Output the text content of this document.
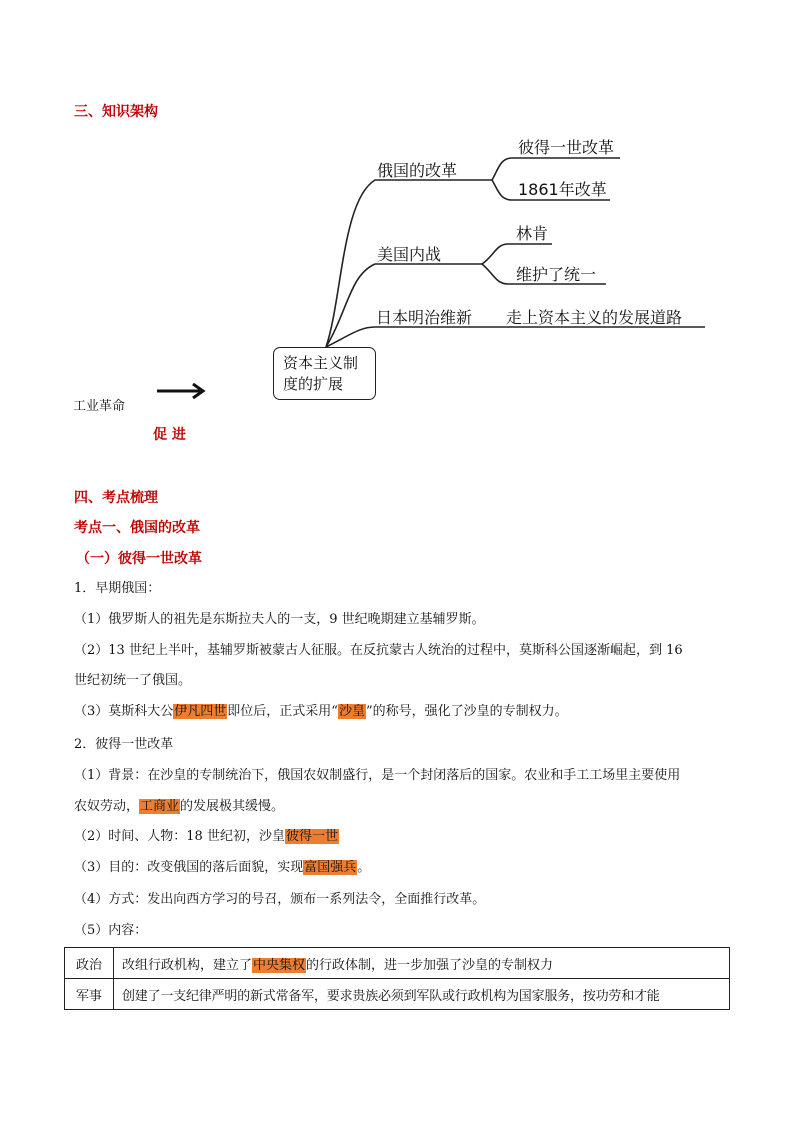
三、知识架构
俄国的改革
彼得一世改革
1861年改革
美国内战
林肯
维护了统一
日本明治维新 走上资本主义的发展道路
资本主义制
度的扩展
工业革命
促 进
四、考点梳理
考点一、俄国的改革
（一）彼得一世改革
1．早期俄国：
（1）俄罗斯人的祖先是东斯拉夫人的一支，9 世纪晚期建立基辅罗斯。
（2）13 世纪上半叶，基辅罗斯被蒙古人征服。在反抗蒙古人统治的过程中，莫斯科公国逐渐崛起，到 16
世纪初统一了俄国。
（3）莫斯科大公伊凡四世即位后，正式采用“沙皇”的称号，强化了沙皇的专制权力。
2．彼得一世改革
（1）背景：在沙皇的专制统治下，俄国农奴制盛行，是一个封闭落后的国家。农业和手工工场里主要使用
农奴劳动，工商业的发展极其缓慢。
（2）时间、人物：18 世纪初，沙皇彼得一世
（3）目的：改变俄国的落后面貌，实现富国强兵。
（4）方式：发出向西方学习的号召，颁布一系列法令，全面推行改革。
（5）内容：
政治	改组行政机构，建立了中央集权的行政体制，进一步加强了沙皇的专制权力
军事	创建了一支纪律严明的新式常备军，要求贵族必须到军队或行政机构为国家服务，按功劳和才能
